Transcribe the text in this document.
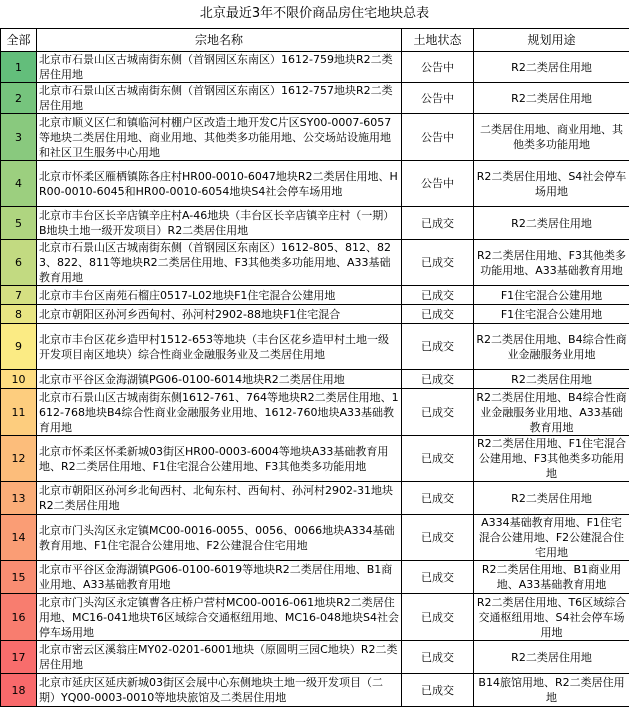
北京最近3年不限价商品房住宅地块总表
全部	宗地名称	土地状态	规划用途
1	北京市石景山区古城南街东侧（首钢园区东南区）1612-759地块R2二类居住用地	公告中	R2二类居住用地
2	北京市石景山区古城南街东侧（首钢园区东南区）1612-757地块R2二类居住用地	公告中	R2二类居住用地
3	北京市顺义区仁和镇临河村棚户区改造土地开发C片区SY00-0007-6057等地块二类居住用地、商业用地、其他类多功能用地、公交场站设施用地和社区卫生服务中心用地	公告中	二类居住用地、商业用地、其他类多功能用地
4	北京市怀柔区雁栖镇陈各庄村HR00-0010-6047地块R2二类居住用地、HR00-0010-6045和HR00-0010-6054地块S4社会停车场用地	公告中	R2二类居住用地、S4社会停车场用地
5	北京市丰台区长辛店镇辛庄村A-46地块（丰台区长辛店镇辛庄村（一期）B地块土地一级开发项目）R2二类居住用地	已成交	R2二类居住用地
6	北京市石景山区古城南街东侧（首钢园区东南区）1612-805、812、823、822、811等地块R2二类居住用地、F3其他类多功能用地、A33基础教育用地	已成交	R2二类居住用地、F3其他类多功能用地、A33基础教育用地
7	北京市丰台区南苑石榴庄0517-L02地块F1住宅混合公建用地	已成交	F1住宅混合公建用地
8	北京市朝阳区孙河乡西甸村、孙河村2902-88地块F1住宅混合	已成交	F1住宅混合公建用地
9	北京市丰台区花乡造甲村1512-653等地块（丰台区花乡造甲村土地一级开发项目南区地块）综合性商业金融服务业及二类居住用地	已成交	R2二类居住用地、B4综合性商业金融服务业用地
10	北京市平谷区金海湖镇PG06-0100-6014地块R2二类居住用地	已成交	R2二类居住用地
11	北京市石景山区古城南街东侧1612-761、764等地块R2二类居住用地、1612-768地块B4综合性商业金融服务业用地、1612-760地块A33基础教育用地	已成交	R2二类居住用地、B4综合性商业金融服务业用地、A33基础教育用地
12	北京市怀柔区怀柔新城03街区HR00-0003-6004等地块A33基础教育用地、R2二类居住用地、F1住宅混合公建用地、F3其他类多功能用地	已成交	R2二类居住用地、F1住宅混合公建用地、F3其他类多功能用地
13	北京市朝阳区孙河乡北甸西村、北甸东村、西甸村、孙河村2902-31地块R2二类居住用地	已成交	R2二类居住用地
14	北京市门头沟区永定镇MC00-0016-0055、0056、0066地块A334基础教育用地、F1住宅混合公建用地、F2公建混合住宅用地	已成交	A334基础教育用地、F1住宅混合公建用地、F2公建混合住宅用地
15	北京市平谷区金海湖镇PG06-0100-6019等地块R2二类居住用地、B1商业用地、A33基础教育用地	已成交	R2二类居住用地、B1商业用地、A33基础教育用地
16	北京市门头沟区永定镇曹各庄桥户营村MC00-0016-061地块R2二类居住用地、MC16-041地块T6区域综合交通枢纽用地、MC16-048地块S4社会停车场用地	已成交	R2二类居住用地、T6区域综合交通枢纽用地、S4社会停车场用地
17	北京市密云区溪翁庄MY02-0201-6001地块（原圆明三园C地块）R2二类居住用地	已成交	R2二类居住用地
18	北京市延庆区延庆新城03街区会展中心东侧地块土地一级开发项目（二期）YQ00-0003-0010等地块旅馆及二类居住用地	已成交	B14旅馆用地、R2二类居住用地
